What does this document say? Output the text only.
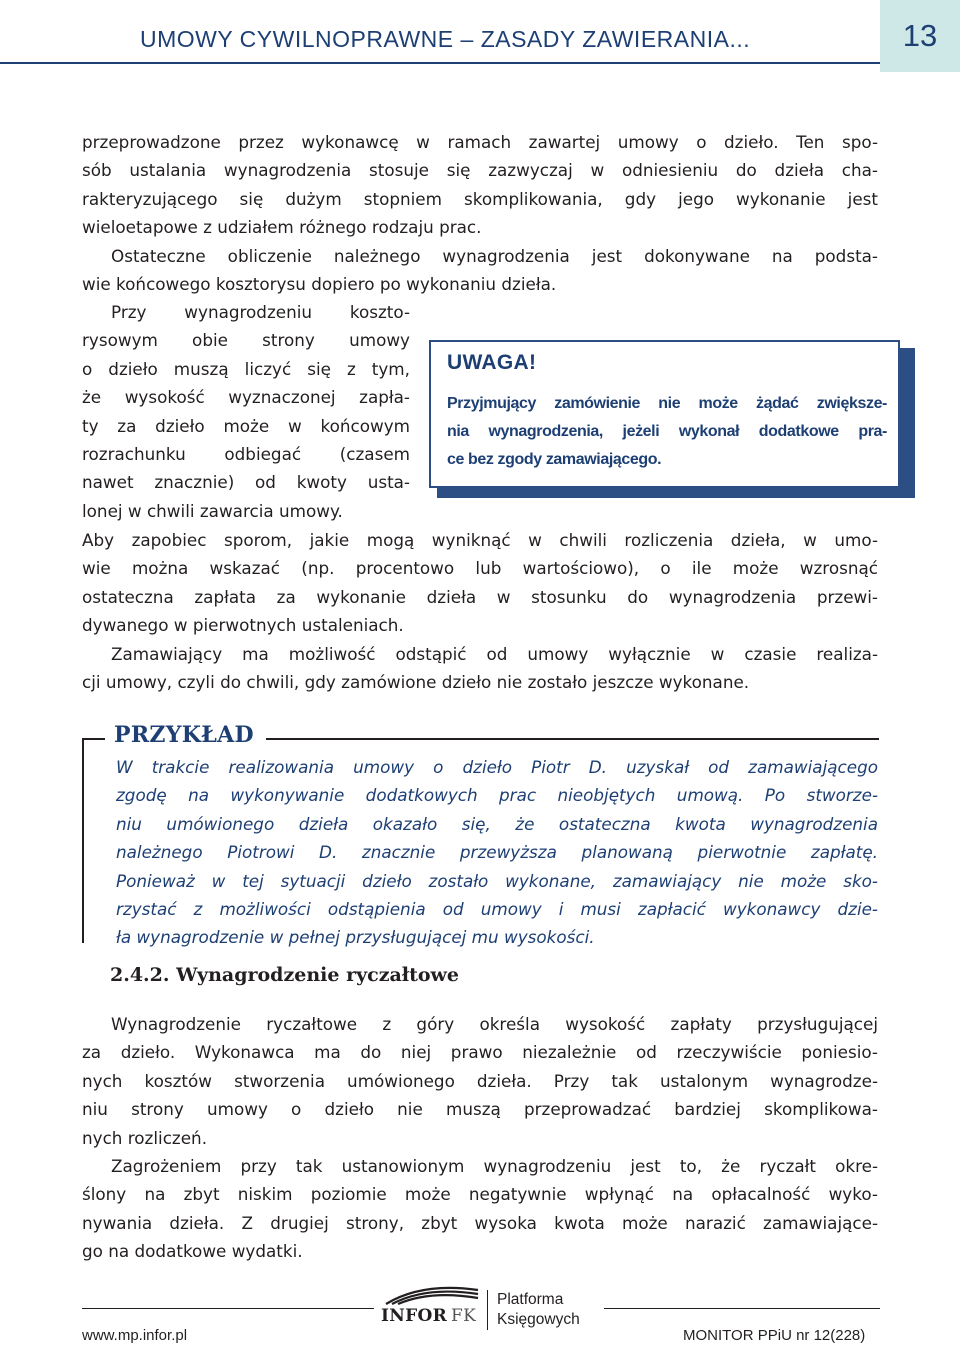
UMOWY CYWILNOPRAWNE – ZASADY ZAWIERANIA...	13
przeprowadzone przez wykonawcę w ramach zawartej umowy o dzieło. Ten spo-
sób ustalania wynagrodzenia stosuje się zazwyczaj w odniesieniu do dzieła cha-
rakteryzującego się dużym stopniem skomplikowania, gdy jego wykonanie jest
wieloetapowe z udziałem różnego rodzaju prac.
Ostateczne obliczenie należnego wynagrodzenia jest dokonywane na podsta-
wie końcowego kosztorysu dopiero po wykonaniu dzieła.
Przy wynagrodzeniu koszto-
rysowym obie strony umowy
o dzieło muszą liczyć się z tym,
że wysokość wyznaczonej zapła-
ty za dzieło może w końcowym
rozrachunku odbiegać (czasem
nawet znacznie) od kwoty usta-
lonej w chwili zawarcia umowy.
UWAGA!
Przyjmujący zamówienie nie może żądać zwiększe-
nia wynagrodzenia, jeżeli wykonał dodatkowe pra-
ce bez zgody zamawiającego.
Aby zapobiec sporom, jakie mogą wyniknąć w chwili rozliczenia dzieła, w umo-
wie można wskazać (np. procentowo lub wartościowo), o ile może wzrosnąć
ostateczna zapłata za wykonanie dzieła w stosunku do wynagrodzenia przewi-
dywanego w pierwotnych ustaleniach.
Zamawiający ma możliwość odstąpić od umowy wyłącznie w czasie realiza-
cji umowy, czyli do chwili, gdy zamówione dzieło nie zostało jeszcze wykonane.
PRZYKŁAD
W trakcie realizowania umowy o dzieło Piotr D. uzyskał od zamawiającego
zgodę na wykonywanie dodatkowych prac nieobjętych umową. Po stworze-
niu umówionego dzieła okazało się, że ostateczna kwota wynagrodzenia
należnego Piotrowi D. znacznie przewyższa planowaną pierwotnie zapłatę.
Ponieważ w tej sytuacji dzieło zostało wykonane, zamawiający nie może sko-
rzystać z możliwości odstąpienia od umowy i musi zapłacić wykonawcy dzie-
ła wynagrodzenie w pełnej przysługującej mu wysokości.
2.4.2. Wynagrodzenie ryczałtowe
Wynagrodzenie ryczałtowe z góry określa wysokość zapłaty przysługującej
za dzieło. Wykonawca ma do niej prawo niezależnie od rzeczywiście poniesio-
nych kosztów stworzenia umówionego dzieła. Przy tak ustalonym wynagrodze-
niu strony umowy o dzieło nie muszą przeprowadzać bardziej skomplikowa-
nych rozliczeń.
Zagrożeniem przy tak ustanowionym wynagrodzeniu jest to, że ryczałt okre-
ślony na zbyt niskim poziomie może negatywnie wpłynąć na opłacalność wyko-
nywania dzieła. Z drugiej strony, zbyt wysoka kwota może narazić zamawiające-
go na dodatkowe wydatki.
INFOR FK
Platforma
Księgowych
www.mp.infor.pl	MONITOR PPiU nr 12(228)
